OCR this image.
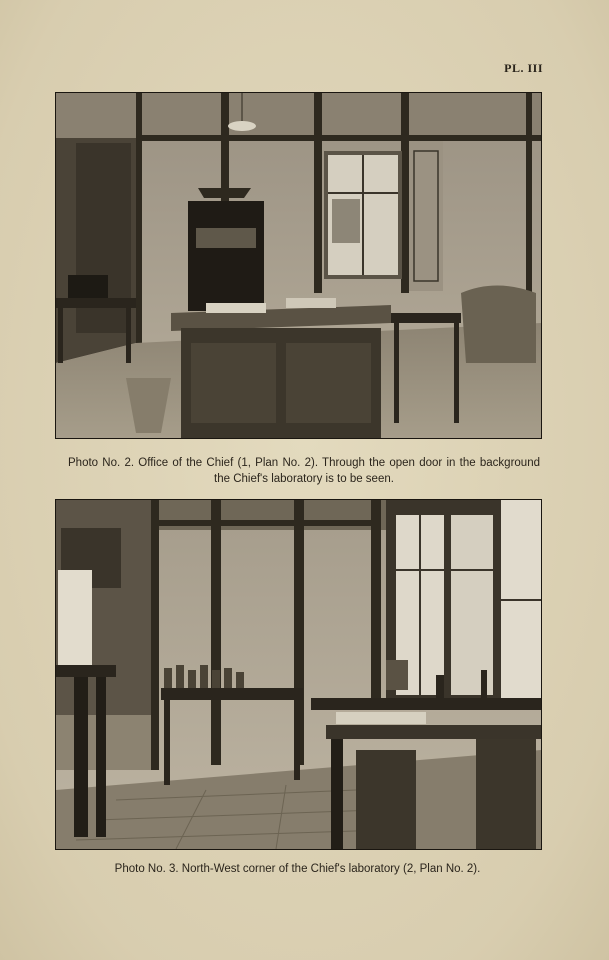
PL. III
Photo No. 2. Office of the Chief (1, Plan No. 2). Through the open door in the background the Chief's laboratory is to be seen.
Photo No. 3. North-West corner of the Chief's laboratory (2, Plan No. 2).
